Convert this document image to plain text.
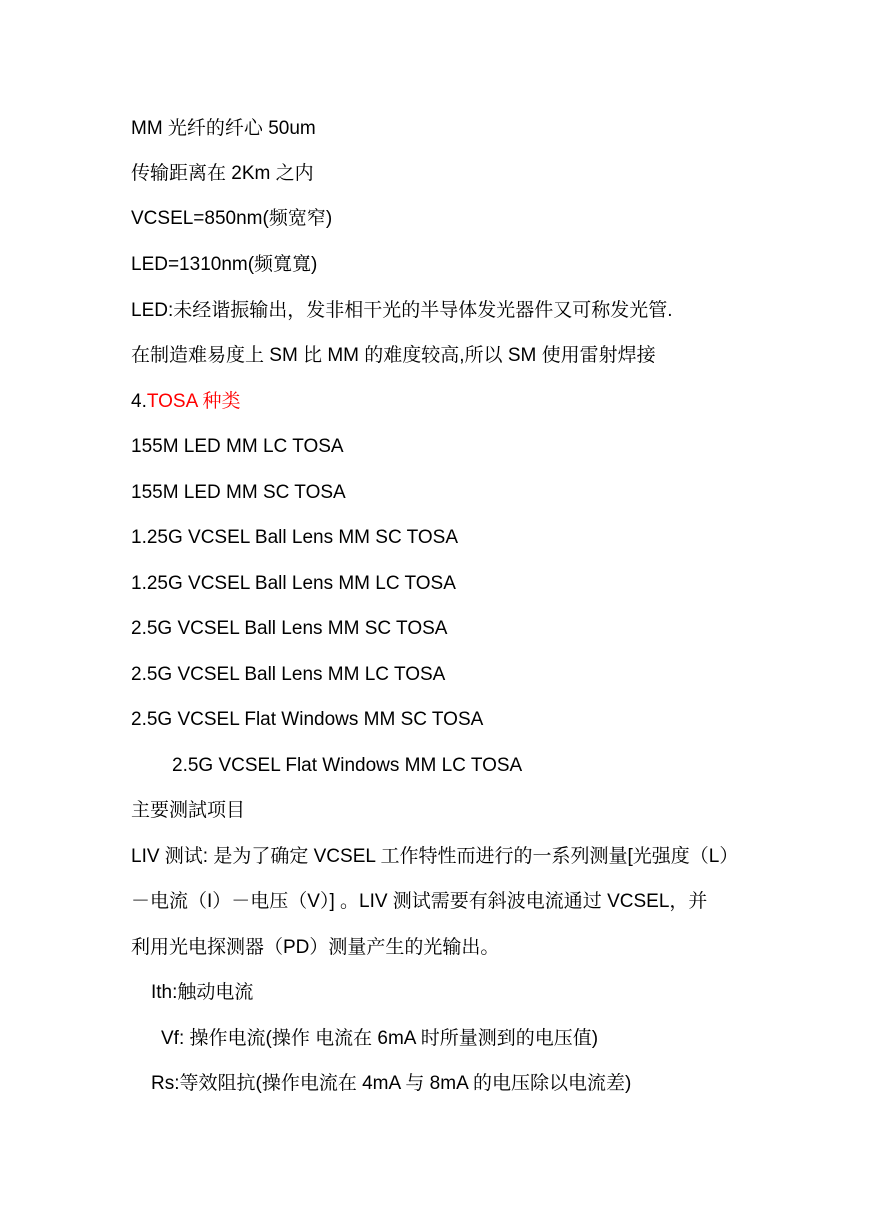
MM 光纤的纤心 50um
传输距离在 2Km 之内
VCSEL=850nm(频宽窄)
LED=1310nm(频寬寬)
LED:未经谐振输出，发非相干光的半导体发光器件又可称发光管.
在制造难易度上 SM 比 MM 的难度较高,所以 SM 使用雷射焊接
4.TOSA 种类
155M LED MM LC TOSA
155M LED MM SC TOSA
1.25G VCSEL Ball Lens MM SC TOSA
1.25G VCSEL Ball Lens MM LC TOSA
2.5G VCSEL Ball Lens MM SC TOSA
2.5G VCSEL Ball Lens MM LC TOSA
2.5G VCSEL Flat Windows MM SC TOSA
2.5G VCSEL Flat Windows MM LC TOSA
主要测試项目
LIV 测试: 是为了确定 VCSEL 工作特性而进行的一系列测量[光强度（L）
－电流（I）－电压（V）] 。LIV 测试需要有斜波电流通过 VCSEL，并
利用光电探测器（PD）测量产生的光输出。
Ith:触动电流
Vf: 操作电流(操作 电流在 6mA 时所量测到的电压值)
Rs:等效阻抗(操作电流在 4mA 与 8mA 的电压除以电流差)
